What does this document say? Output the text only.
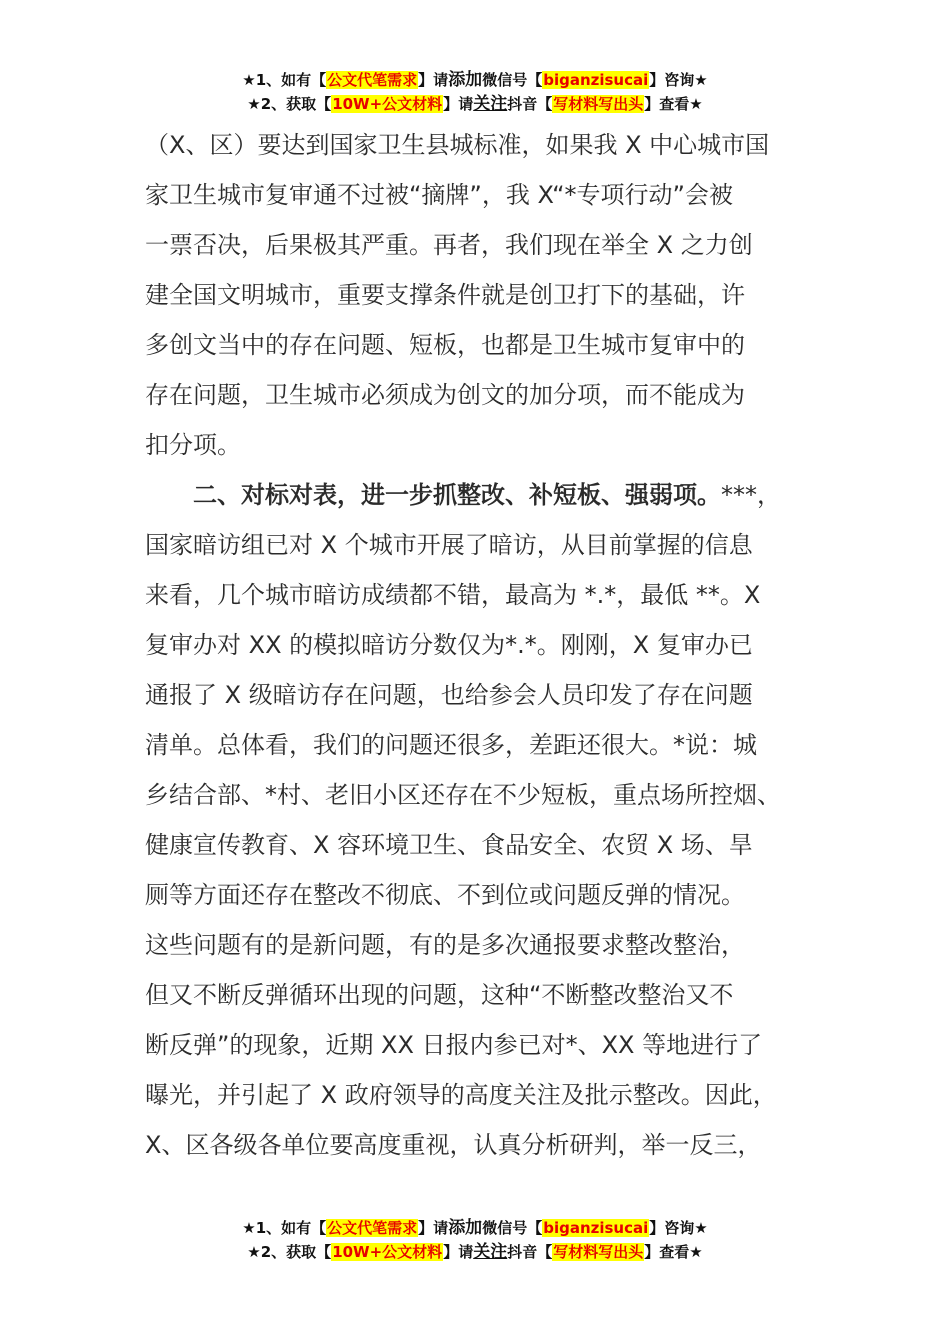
★1、如有【公文代笔需求】请添加微信号【biganzisucai】咨询★
★2、获取【10W+公文材料】请关注抖音【写材料写出头】查看★

（X、区）要达到国家卫生县城标准，如果我 X 中心城市国

家卫生城市复审通不过被“摘牌”，我 X“*专项行动”会被

一票否决，后果极其严重。再者，我们现在举全 X 之力创

建全国文明城市，重要支撑条件就是创卫打下的基础，许

多创文当中的存在问题、短板，也都是卫生城市复审中的

存在问题，卫生城市必须成为创文的加分项，而不能成为

扣分项。

二、对标对表，进一步抓整改、补短板、强弱项。***，

国家暗访组已对 X 个城市开展了暗访，从目前掌握的信息

来看，几个城市暗访成绩都不错，最高为 *.*，最低 **。X

复审办对 XX 的模拟暗访分数仅为*.*。刚刚，X 复审办已

通报了 X 级暗访存在问题，也给参会人员印发了存在问题

清单。总体看，我们的问题还很多，差距还很大。*说：城

乡结合部、*村、老旧小区还存在不少短板，重点场所控烟、

健康宣传教育、X 容环境卫生、食品安全、农贸 X 场、旱

厕等方面还存在整改不彻底、不到位或问题反弹的情况。

这些问题有的是新问题，有的是多次通报要求整改整治，

但又不断反弹循环出现的问题，这种“不断整改整治又不

断反弹”的现象，近期 XX 日报内参已对*、XX 等地进行了

曝光，并引起了 X 政府领导的高度关注及批示整改。因此，

X、区各级各单位要高度重视，认真分析研判，举一反三，

★1、如有【公文代笔需求】请添加微信号【biganzisucai】咨询★
★2、获取【10W+公文材料】请关注抖音【写材料写出头】查看★
